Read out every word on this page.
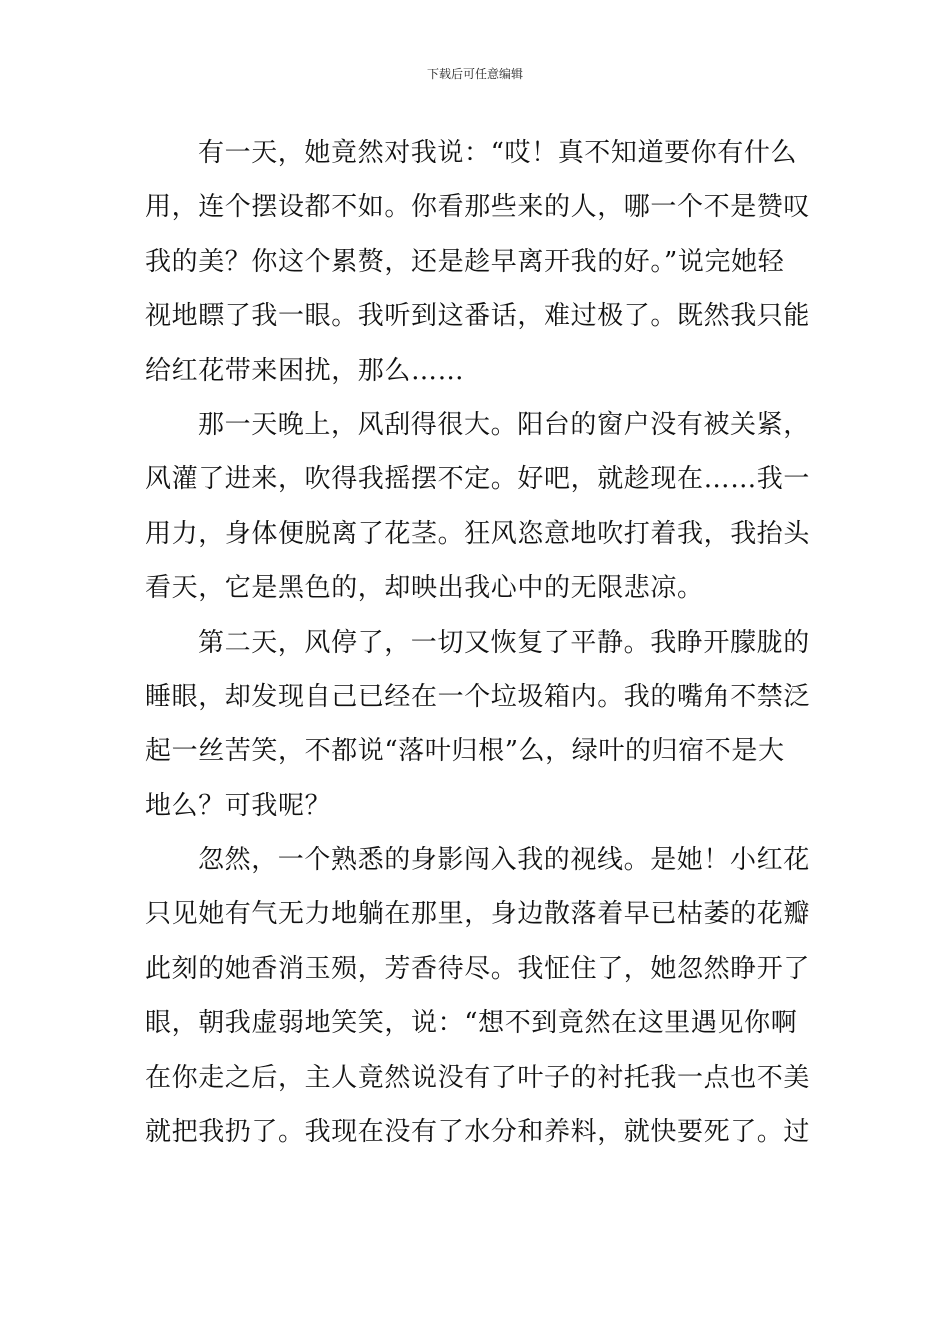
下载后可任意编辑
有一天，她竟然对我说：“哎！真不知道要你有什么
用，连个摆设都不如。你看那些来的人，哪一个不是赞叹
我的美？你这个累赘，还是趁早离开我的好。”说完她轻
视地瞟了我一眼。我听到这番话，难过极了。既然我只能
给红花带来困扰，那么……
那一天晚上，风刮得很大。阳台的窗户没有被关紧，
风灌了进来，吹得我摇摆不定。好吧，就趁现在……我一
用力，身体便脱离了花茎。狂风恣意地吹打着我，我抬头
看天，它是黑色的，却映出我心中的无限悲凉。
第二天，风停了，一切又恢复了平静。我睁开朦胧的
睡眼，却发现自己已经在一个垃圾箱内。我的嘴角不禁泛
起一丝苦笑，不都说“落叶归根”么，绿叶的归宿不是大
地么？可我呢？
忽然，一个熟悉的身影闯入我的视线。是她！小红花
只见她有气无力地躺在那里，身边散落着早已枯萎的花瓣
此刻的她香消玉殒，芳香待尽。我怔住了，她忽然睁开了
眼，朝我虚弱地笑笑，说：“想不到竟然在这里遇见你啊
在你走之后，主人竟然说没有了叶子的衬托我一点也不美
就把我扔了。我现在没有了水分和养料，就快要死了。过
